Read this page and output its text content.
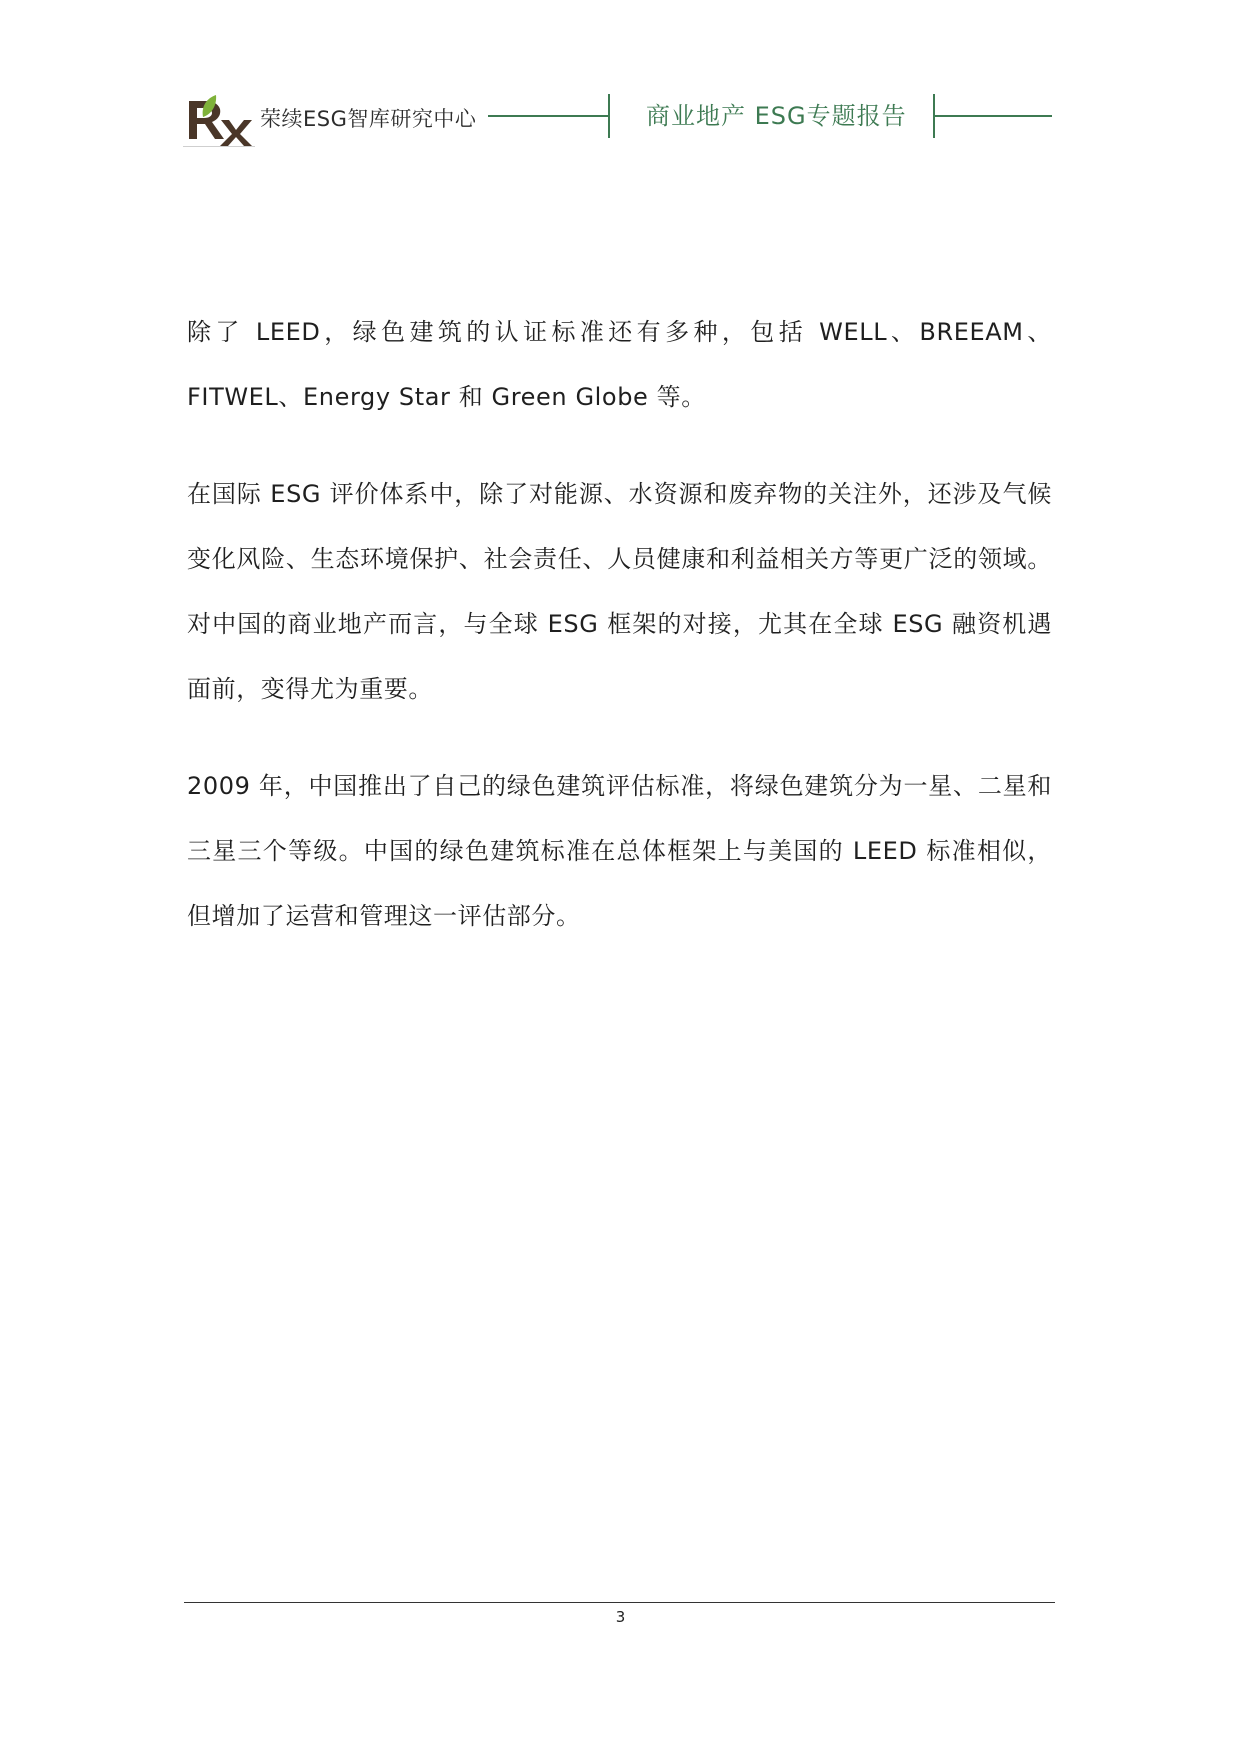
荣续ESG智库研究中心	商业地产 ESG专题报告

除了 LEED，绿色建筑的认证标准还有多种，包括 WELL、BREEAM、FITWEL、Energy Star 和 Green Globe 等。

在国际 ESG 评价体系中，除了对能源、水资源和废弃物的关注外，还涉及气候变化风险、生态环境保护、社会责任、人员健康和利益相关方等更广泛的领域。对中国的商业地产而言，与全球 ESG 框架的对接，尤其在全球 ESG 融资机遇面前，变得尤为重要。

2009 年，中国推出了自己的绿色建筑评估标准，将绿色建筑分为一星、二星和三星三个等级。中国的绿色建筑标准在总体框架上与美国的 LEED 标准相似，但增加了运营和管理这一评估部分。

3
